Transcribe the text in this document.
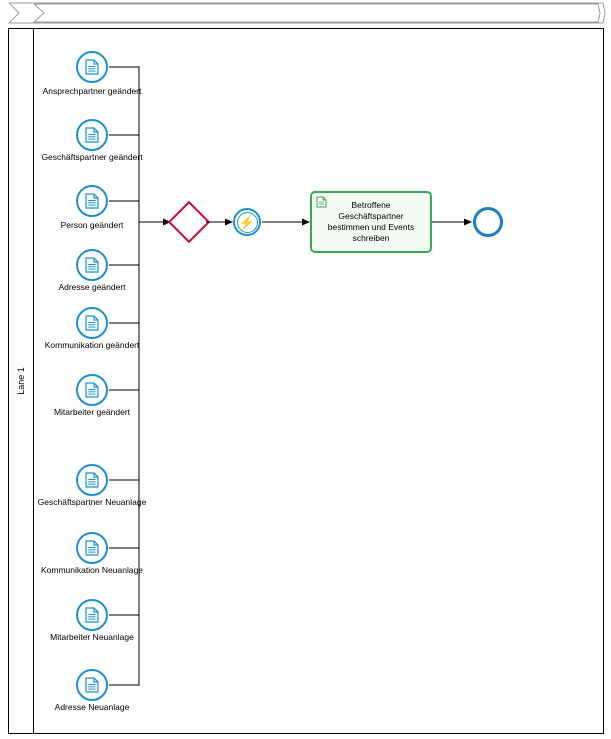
Lane 1
Ansprechpartner geändert
Geschäftspartner geändert
Person geändert
Adresse geändert
Kommunikation geändert
Mitarbeiter geändert
Geschäftspartner Neuanlage
Kommunikation Neuanlage
Mitarbeiter Neuanlage
Adresse Neuanlage
⚡
Betroffene Geschäftspartner bestimmen und Events schreiben
